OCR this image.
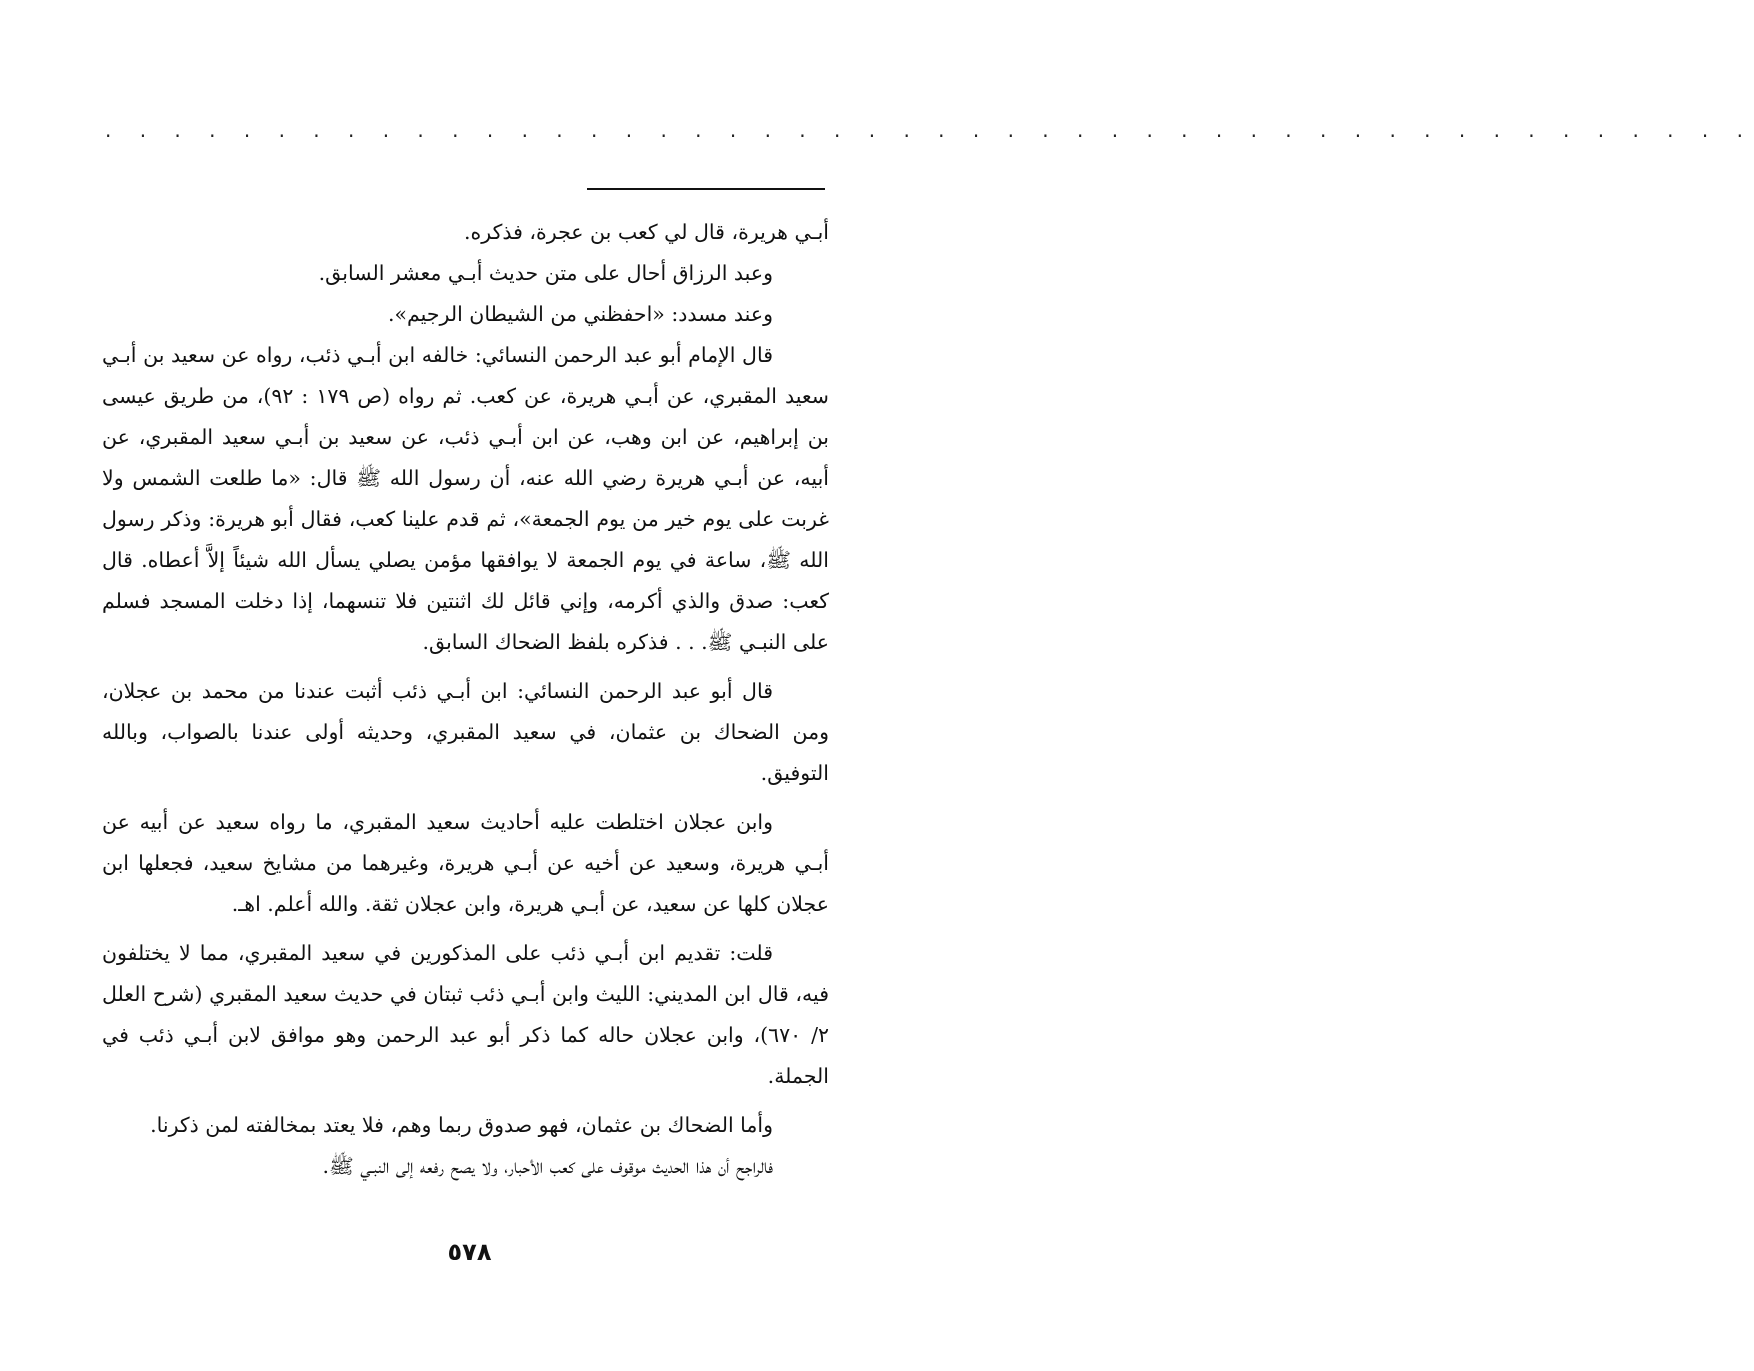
. . . . . . . . . . . . . . . . . . . . . . . . . . . . . . . . . . . . . . . . . . . . . . . .

أبـي هريرة، قال لي كعب بن عجرة، فذكره.

وعبد الرزاق أحال على متن حديث أبـي معشر السابق.

وعند مسدد: «احفظني من الشيطان الرجيم».

قال الإمام أبو عبد الرحمن النسائي: خالفه ابن أبـي ذئب، رواه عن سعيد بن أبـي سعيد المقبري، عن أبـي هريرة، عن كعب. ثم رواه (ص ١٧٩ : ٩٢)، من طريق عيسى بن إبراهيم، عن ابن وهب، عن ابن أبـي ذئب، عن سعيد بن أبـي سعيد المقبري، عن أبيه، عن أبـي هريرة رضي الله عنه، أن رسول الله ﷺ قال: «ما طلعت الشمس ولا غربت على يوم خير من يوم الجمعة»، ثم قدم علينا كعب، فقال أبو هريرة: وذكر رسول الله ﷺ، ساعة في يوم الجمعة لا يوافقها مؤمن يصلي يسأل الله شيئاً إلاَّ أعطاه. قال كعب: صدق والذي أكرمه، وإني قائل لك اثنتين فلا تنسهما، إذا دخلت المسجد فسلم على النبـي ﷺ. . . فذكره بلفظ الضحاك السابق.

قال أبو عبد الرحمن النسائي: ابن أبـي ذئب أثبت عندنا من محمد بن عجلان، ومن الضحاك بن عثمان، في سعيد المقبري، وحديثه أولى عندنا بالصواب، وبالله التوفيق.

وابن عجلان اختلطت عليه أحاديث سعيد المقبري، ما رواه سعيد عن أبيه عن أبـي هريرة، وسعيد عن أخيه عن أبـي هريرة، وغيرهما من مشايخ سعيد، فجعلها ابن عجلان كلها عن سعيد، عن أبـي هريرة، وابن عجلان ثقة. والله أعلم. اهـ.

قلت: تقديم ابن أبـي ذئب على المذكورين في سعيد المقبري، مما لا يختلفون فيه، قال ابن المديني: الليث وابن أبـي ذئب ثبتان في حديث سعيد المقبري (شرح العلل ٢/ ٦٧٠)، وابن عجلان حاله كما ذكر أبو عبد الرحمن وهو موافق لابن أبـي ذئب في الجملة.

وأما الضحاك بن عثمان، فهو صدوق ربما وهم، فلا يعتد بمخالفته لمن ذكرنا.

فالراجح أن هذا الحديث موقوف على كعب الأحبار، ولا يصح رفعه إلى النبـي ﷺ.

٥٧٨
